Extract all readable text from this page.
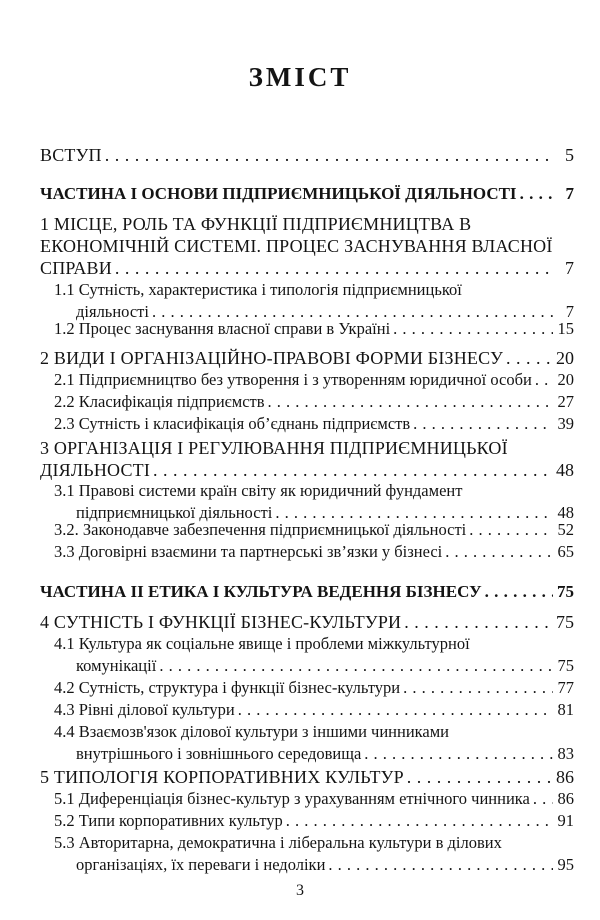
ЗМІСТ
ВСТУП . . .	5
ЧАСТИНА І ОСНОВИ ПІДПРИЄМНИЦЬКОЇ ДІЯЛЬНОСТІ . . .	7
1 МІСЦЕ, РОЛЬ ТА ФУНКЦІЇ ПІДПРИЄМНИЦТВА В
ЕКОНОМІЧНІЙ СИСТЕМІ. ПРОЦЕС ЗАСНУВАННЯ ВЛАСНОЇ
СПРАВИ . . .	7
1.1 Сутність, характеристика і типологія підприємницької
діяльності . . .	7
1.2 Процес заснування власної справи в Україні . . .	15
2 ВИДИ І ОРГАНІЗАЦІЙНО-ПРАВОВІ ФОРМИ БІЗНЕСУ . . .	20
2.1 Підприємництво без утворення і з утворенням юридичної особи . . . 20
2.2 Класифікація підприємств . . .	27
2.3 Сутність і класифікація об’єднань підприємств . . .	39
3 ОРГАНІЗАЦІЯ І РЕГУЛЮВАННЯ ПІДПРИЄМНИЦЬКОЇ
ДІЯЛЬНОСТІ . . .	48
3.1 Правові системи країн світу як юридичний фундамент
підприємницької діяльності . . .	48
3.2. Законодавче забезпечення підприємницької діяльності . . .	52
3.3 Договірні взаємини та партнерські зв’язки у бізнесі . . .	65
ЧАСТИНА ІІ ЕТИКА І КУЛЬТУРА ВЕДЕННЯ БІЗНЕСУ . . .	75
4 СУТНІСТЬ І ФУНКЦІЇ БІЗНЕС-КУЛЬТУРИ . . .	75
4.1 Культура як соціальне явище і проблеми міжкультурної
комунікації . . .	75
4.2 Сутність, структура і функції бізнес-культури . . .	77
4.3 Рівні ділової культури . . .	81
4.4 Взаємозв'язок ділової культури з іншими чинниками
внутрішнього і зовнішнього середовища . . .	83
5 ТИПОЛОГІЯ КОРПОРАТИВНИХ КУЛЬТУР . . .	86
5.1 Диференціація бізнес-культур з урахуванням етнічного чинника . . . 86
5.2 Типи корпоративних культур . . .	91
5.3 Авторитарна, демократична і ліберальна культури в ділових
організаціях, їх переваги і недоліки . . .	95
3
